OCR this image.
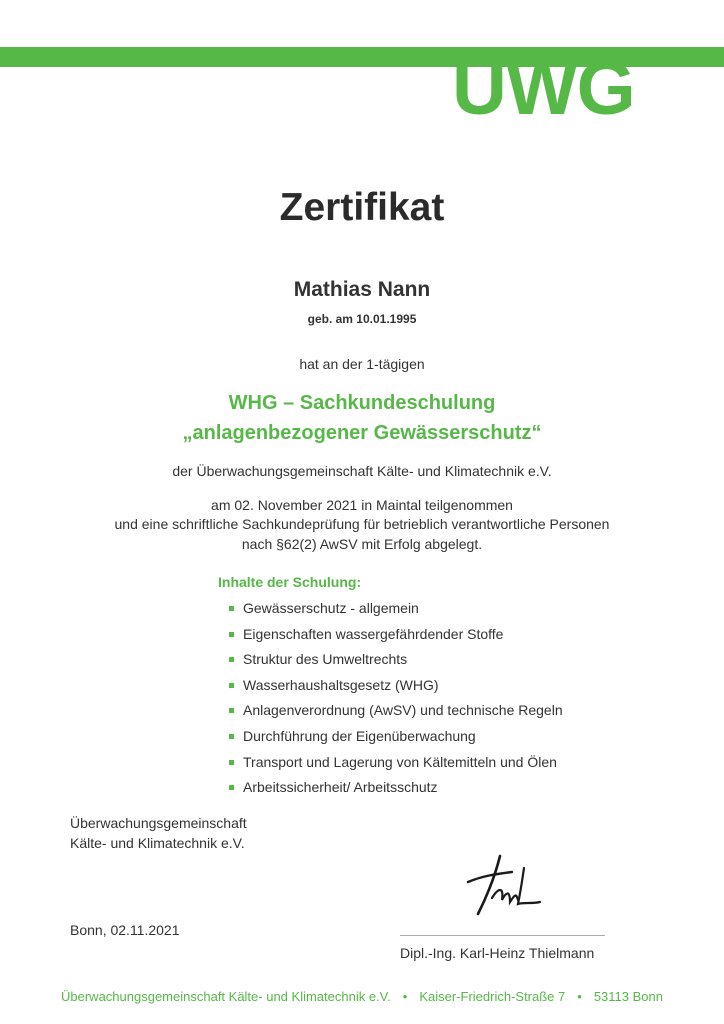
ÜWG
Zertifikat
Mathias Nann
geb. am 10.01.1995
hat an der 1-tägigen
WHG – Sachkundeschulung
„anlagenbezogener Gewässerschutz“
der Überwachungsgemeinschaft Kälte- und Klimatechnik e.V.
am 02. November 2021 in Maintal teilgenommen
und eine schriftliche Sachkundeprüfung für betrieblich verantwortliche Personen
nach §62(2) AwSV mit Erfolg abgelegt.
Inhalte der Schulung:
Gewässerschutz - allgemein
Eigenschaften wassergefährdender Stoffe
Struktur des Umweltrechts
Wasserhaushaltsgesetz (WHG)
Anlagenverordnung (AwSV) und technische Regeln
Durchführung der Eigenüberwachung
Transport und Lagerung von Kältemitteln und Ölen
Arbeitssicherheit/ Arbeitsschutz
Überwachungsgemeinschaft
Kälte- und Klimatechnik e.V.
Bonn, 02.11.2021
Dipl.-Ing. Karl-Heinz Thielmann
Überwachungsgemeinschaft Kälte- und Klimatechnik e.V. • Kaiser-Friedrich-Straße 7 • 53113 Bonn
